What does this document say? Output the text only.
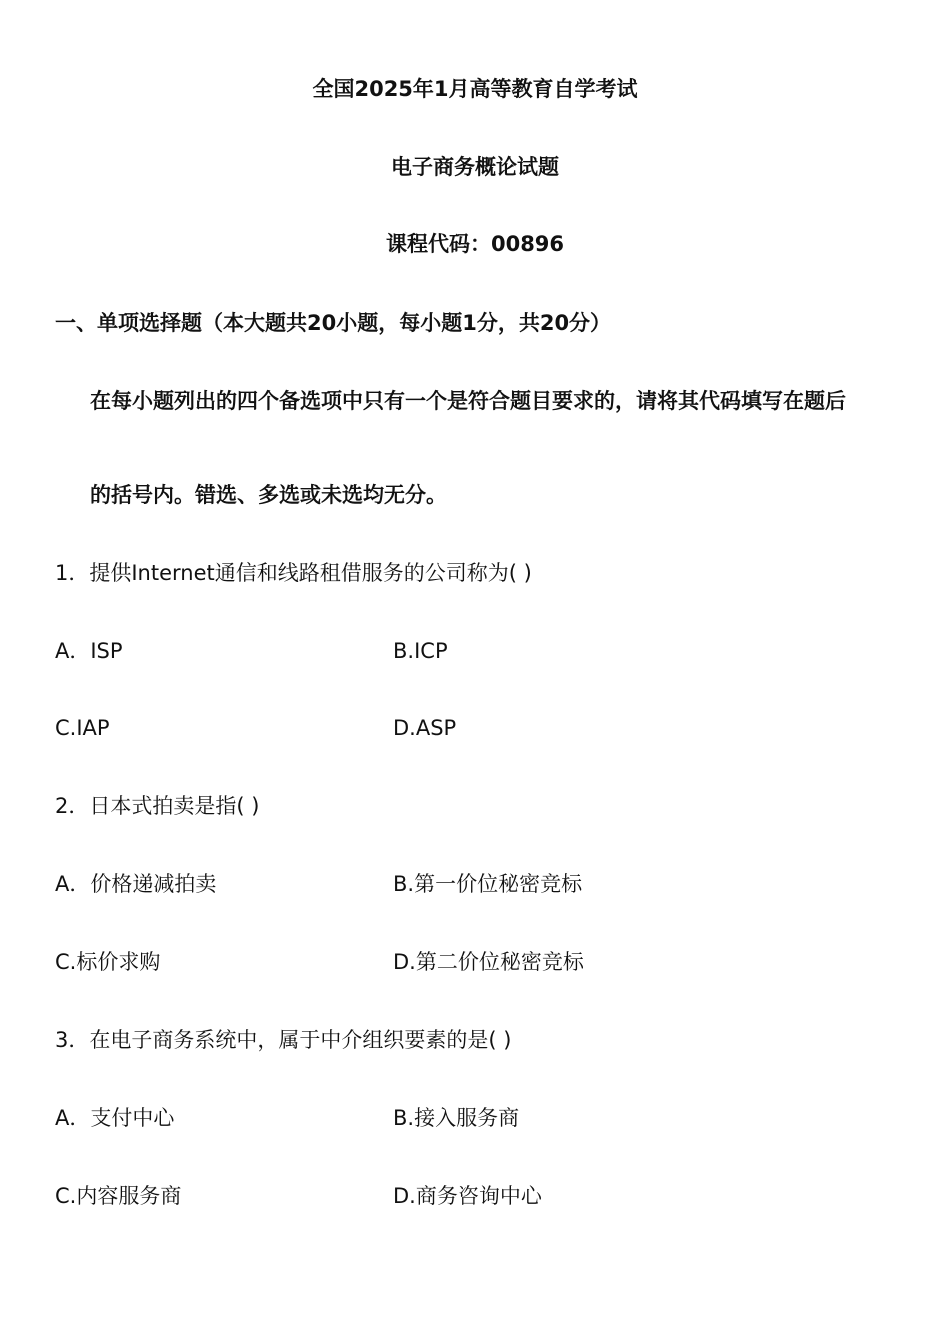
全国2025年1月高等教育自学考试
电子商务概论试题
课程代码：00896
一、单项选择题（本大题共20小题，每小题1分，共20分）
在每小题列出的四个备选项中只有一个是符合题目要求的，请将其代码填写在题后
的括号内。错选、多选或未选均无分。
1．提供Internet通信和线路租借服务的公司称为( )
A．ISP	B.ICP
C.IAP	D.ASP
2．日本式拍卖是指( )
A．价格递减拍卖	B.第一价位秘密竞标
C.标价求购	D.第二价位秘密竞标
3．在电子商务系统中，属于中介组织要素的是( )
A．支付中心	B.接入服务商
C.内容服务商	D.商务咨询中心
